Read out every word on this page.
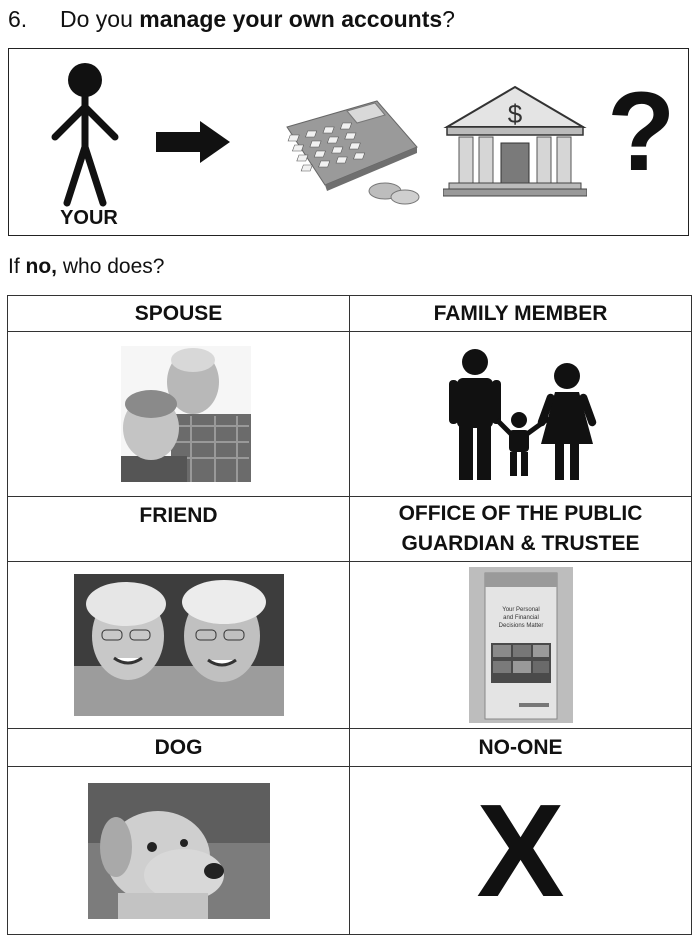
6. Do you manage your own accounts?
YOUR
$ ?
If no, who does?
SPOUSE	FAMILY MEMBER

FRIEND	OFFICE OF THE PUBLIC
GUARDIAN & TRUSTEE

Your Personal
and Financial
Decisions Matter

DOG	NO-ONE

X
